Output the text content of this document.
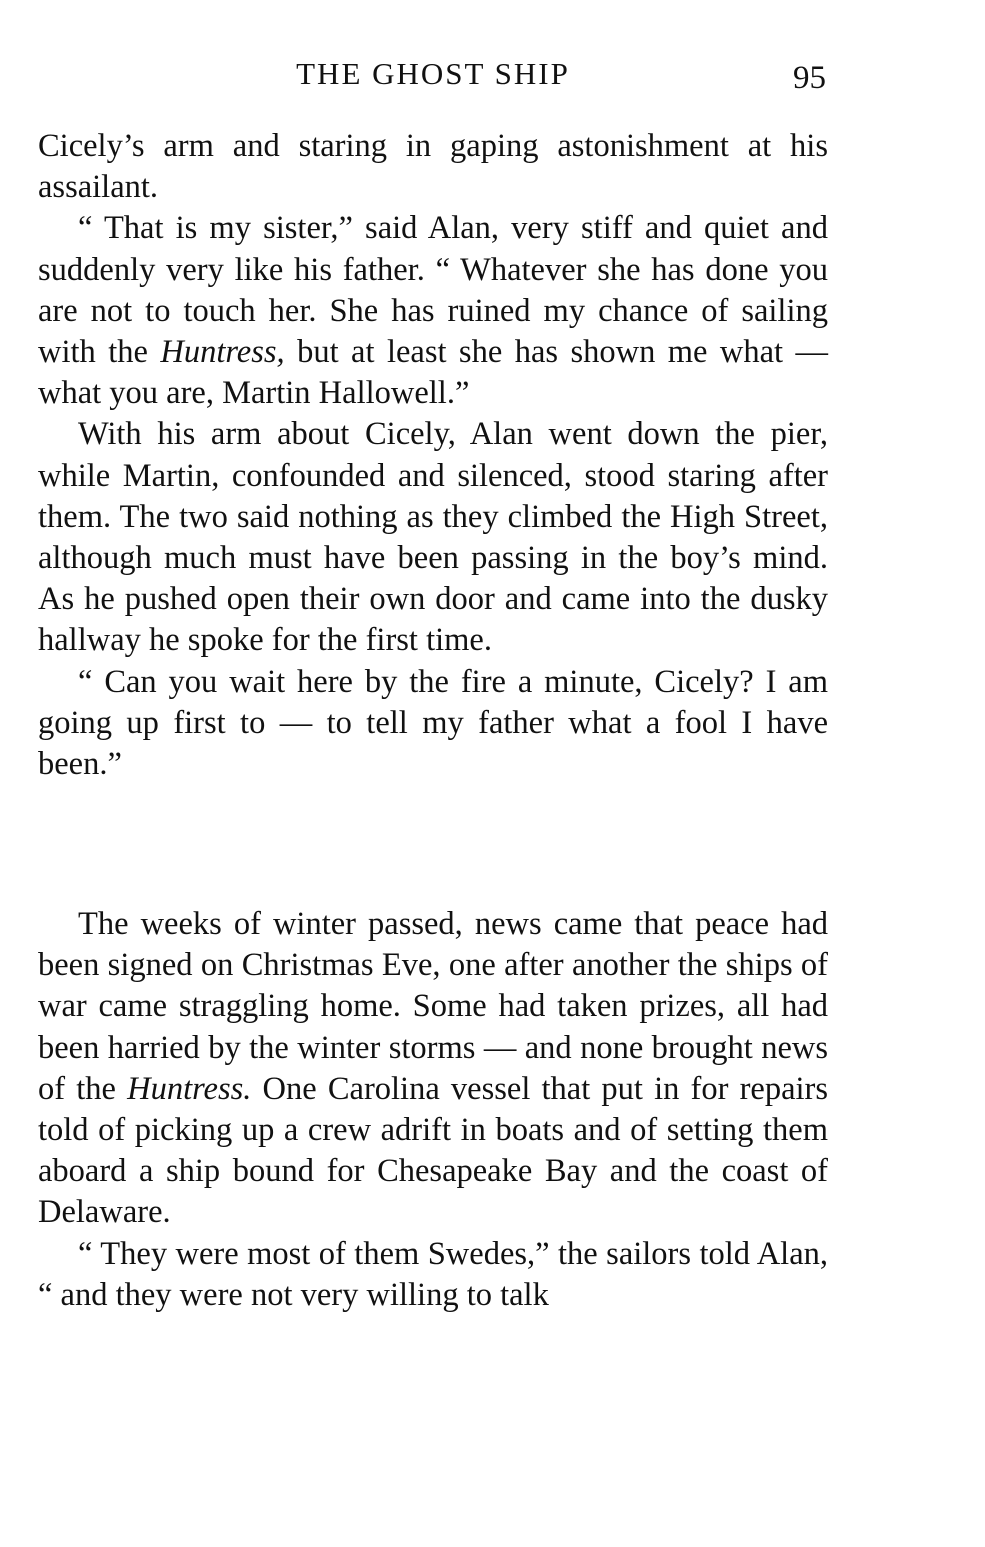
THE GHOST SHIP	95

Cicely’s arm and staring in gaping astonishment at his assailant.

“ That is my sister,” said Alan, very stiff and quiet and suddenly very like his father. “ Whatever she has done you are not to touch her. She has ruined my chance of sailing with the Huntress, but at least she has shown me what — what you are, Martin Hallowell.”

With his arm about Cicely, Alan went down the pier, while Martin, confounded and silenced, stood staring after them. The two said nothing as they climbed the High Street, although much must have been passing in the boy’s mind. As he pushed open their own door and came into the dusky hallway he spoke for the first time.

“ Can you wait here by the fire a minute, Cicely? I am going up first to — to tell my father what a fool I have been.”

The weeks of winter passed, news came that peace had been signed on Christmas Eve, one after another the ships of war came straggling home. Some had taken prizes, all had been harried by the winter storms — and none brought news of the Huntress. One Carolina vessel that put in for repairs told of picking up a crew adrift in boats and of setting them aboard a ship bound for Chesapeake Bay and the coast of Delaware.

“ They were most of them Swedes,” the sailors told Alan, “ and they were not very willing to talk
